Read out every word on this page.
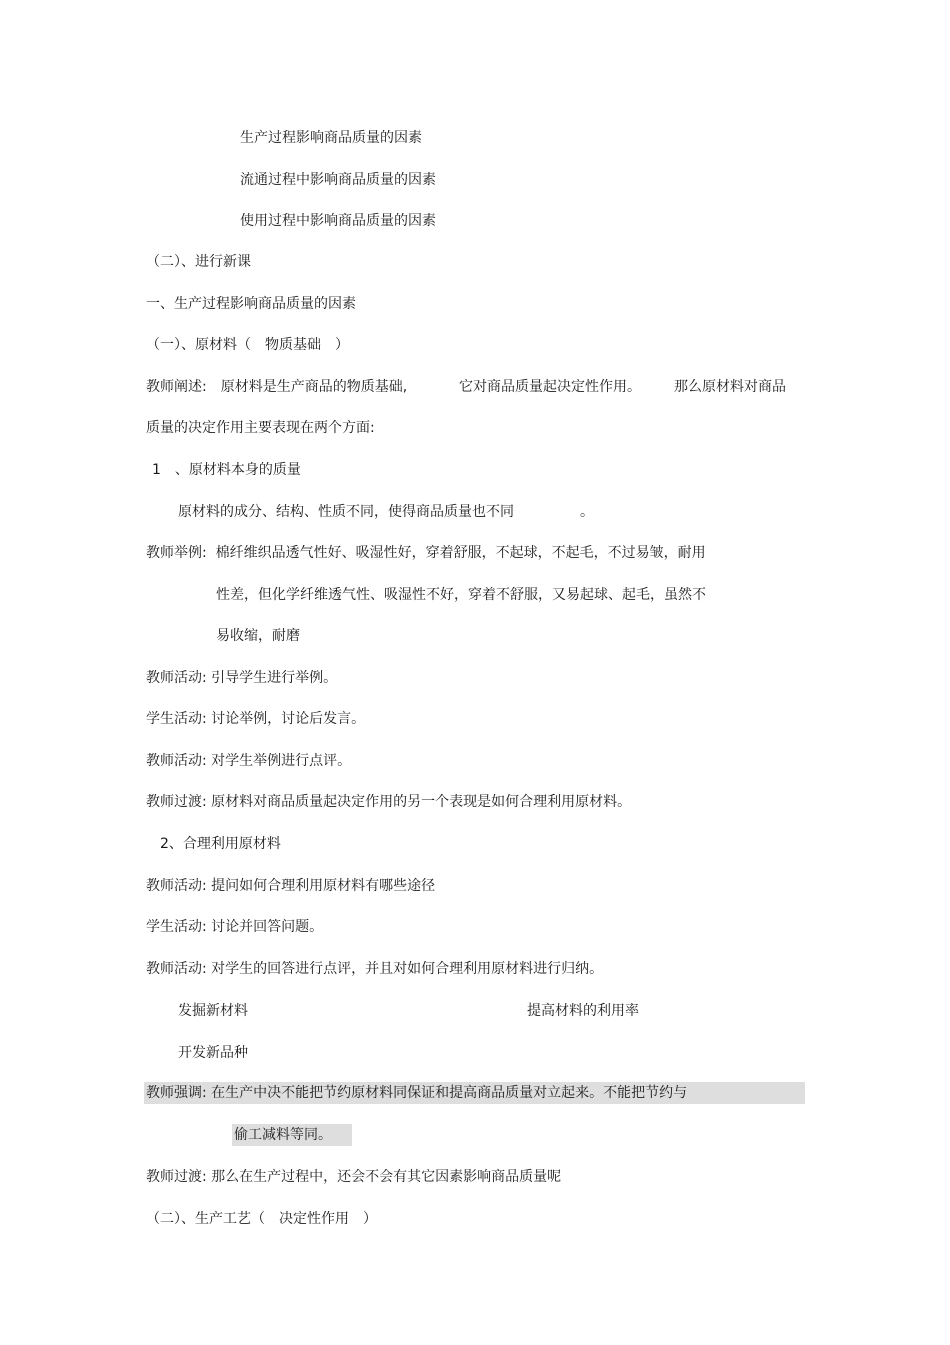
生产过程影响商品质量的因素
流通过程中影响商品质量的因素
使用过程中影响商品质量的因素
（二）、进行新课
一、生产过程影响商品质量的因素
（一）、原材料（　物质基础　）
教师阐述:　原材料是生产商品的物质基础,	它对商品质量起决定性作用。 那么原材料对商品
质量的决定作用主要表现在两个方面:
1　、原材料本身的质量
原材料的成分、结构、性质不同，使得商品质量也不同	。
教师举例:  棉纤维织品透气性好、吸湿性好，穿着舒服，不起球，不起毛，不过易皱，耐用
性差，但化学纤维透气性、吸湿性不好，穿着不舒服，又易起球、起毛，虽然不
易收缩，耐磨
教师活动: 引导学生进行举例。
学生活动: 讨论举例，讨论后发言。
教师活动: 对学生举例进行点评。
教师过渡: 原材料对商品质量起决定作用的另一个表现是如何合理利用原材料。
2、合理利用原材料
教师活动: 提问如何合理利用原材料有哪些途径
学生活动: 讨论并回答问题。
教师活动: 对学生的回答进行点评，并且对如何合理利用原材料进行归纳。
发掘新材料	提高材料的利用率
开发新品种
教师强调: 在生产中决不能把节约原材料同保证和提高商品质量对立起来。不能把节约与
偷工减料等同。
教师过渡: 那么在生产过程中，还会不会有其它因素影响商品质量呢
（二）、生产工艺（　决定性作用　）
